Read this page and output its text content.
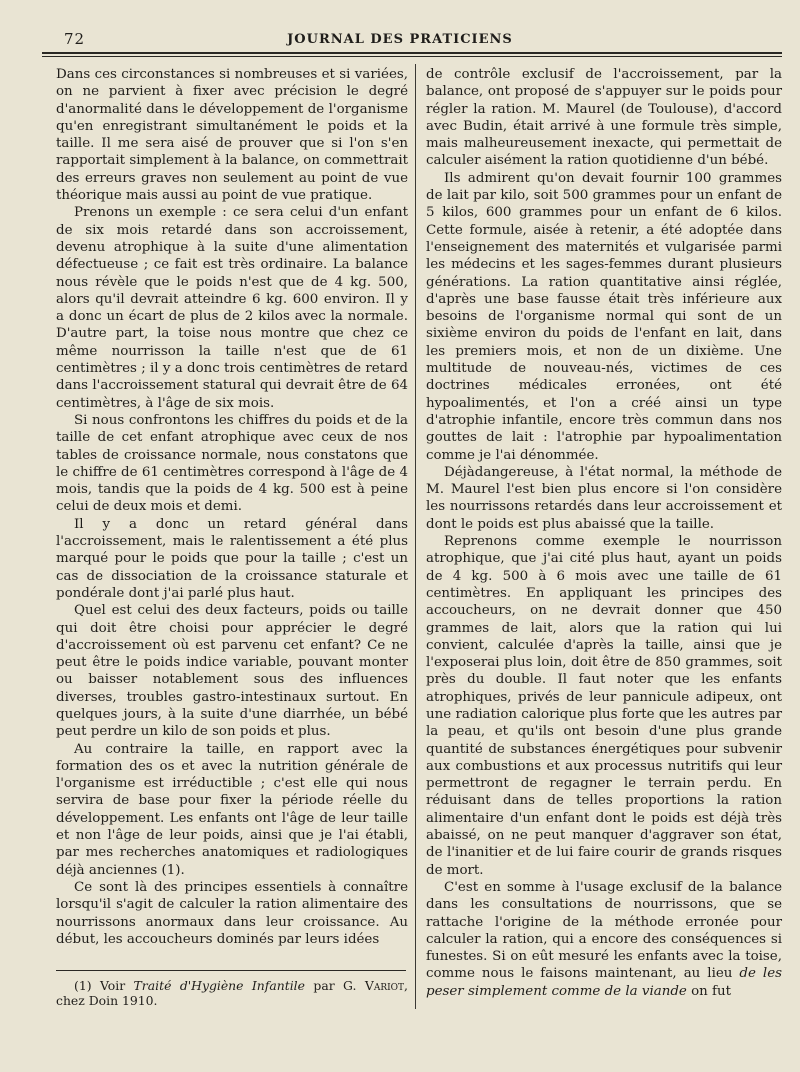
72	JOURNAL DES PRATICIENS

Dans ces circonstances si nombreuses et si variées, on ne parvient à fixer avec précision le degré d'anormalité dans le développement de l'organisme qu'en enregistrant simultanément le poids et la taille. Il me sera aisé de prouver que si l'on s'en rapportait simplement à la balance, on commettrait des erreurs graves non seulement au point de vue théorique mais aussi au point de vue pratique.

Prenons un exemple : ce sera celui d'un enfant de six mois retardé dans son accroissement, devenu atrophique à la suite d'une alimentation défectueuse ; ce fait est très ordinaire. La balance nous révèle que le poids n'est que de 4 kg. 500, alors qu'il devrait atteindre 6 kg. 600 environ. Il y a donc un écart de plus de 2 kilos avec la normale. D'autre part, la toise nous montre que chez ce même nourrisson la taille n'est que de 61 centimètres ; il y a donc trois centimètres de retard dans l'accroissement statural qui devrait être de 64 centimètres, à l'âge de six mois.

Si nous confrontons les chiffres du poids et de la taille de cet enfant atrophique avec ceux de nos tables de croissance normale, nous constatons que le chiffre de 61 centimètres correspond à l'âge de 4 mois, tandis que la poids de 4 kg. 500 est à peine celui de deux mois et demi.

Il y a donc un retard général dans l'accroissement, mais le ralentissement a été plus marqué pour le poids que pour la taille ; c'est un cas de dissociation de la croissance staturale et pondérale dont j'ai parlé plus haut.

Quel est celui des deux facteurs, poids ou taille qui doit être choisi pour apprécier le degré d'accroissement où est parvenu cet enfant? Ce ne peut être le poids indice variable, pouvant monter ou baisser notablement sous des influences diverses, troubles gastro-intestinaux surtout. En quelques jours, à la suite d'une diarrhée, un bébé peut perdre un kilo de son poids et plus.

Au contraire la taille, en rapport avec la formation des os et avec la nutrition générale de l'organisme est irréductible ; c'est elle qui nous servira de base pour fixer la période réelle du développement. Les enfants ont l'âge de leur taille et non l'âge de leur poids, ainsi que je l'ai établi, par mes recherches anatomiques et radiologiques déjà anciennes (1).

Ce sont là des principes essentiels à connaître lorsqu'il s'agit de calculer la ration alimentaire des nourrissons anormaux dans leur croissance. Au début, les accoucheurs dominés par leurs idées

(1) Voir Traité d'Hygiène Infantile par G. Variot, chez Doin 1910.

de contrôle exclusif de l'accroissement, par la balance, ont proposé de s'appuyer sur le poids pour régler la ration. M. Maurel (de Toulouse), d'accord avec Budin, était arrivé à une formule très simple, mais malheureusement inexacte, qui permettait de calculer aisément la ration quotidienne d'un bébé.

Ils admirent qu'on devait fournir 100 grammes de lait par kilo, soit 500 grammes pour un enfant de 5 kilos, 600 grammes pour un enfant de 6 kilos. Cette formule, aisée à retenir, a été adoptée dans l'enseignement des maternités et vulgarisée parmi les médecins et les sages-femmes durant plusieurs générations. La ration quantitative ainsi réglée, d'après une base fausse était très inférieure aux besoins de l'organisme normal qui sont de un sixième environ du poids de l'enfant en lait, dans les premiers mois, et non de un dixième. Une multitude de nouveau-nés, victimes de ces doctrines médicales erronées, ont été hypoalimentés, et l'on a créé ainsi un type d'atrophie infantile, encore très commun dans nos gouttes de lait : l'atrophie par hypoalimentation comme je l'ai dénommée.

Déjàdangereuse, à l'état normal, la méthode de M. Maurel l'est bien plus encore si l'on considère les nourrissons retardés dans leur accroissement et dont le poids est plus abaissé que la taille.

Reprenons comme exemple le nourrisson atrophique, que j'ai cité plus haut, ayant un poids de 4 kg. 500 à 6 mois avec une taille de 61 centimètres. En appliquant les principes des accoucheurs, on ne devrait donner que 450 grammes de lait, alors que la ration qui lui convient, calculée d'après la taille, ainsi que je l'exposerai plus loin, doit être de 850 grammes, soit près du double. Il faut noter que les enfants atrophiques, privés de leur pannicule adipeux, ont une radiation calorique plus forte que les autres par la peau, et qu'ils ont besoin d'une plus grande quantité de substances énergétiques pour subvenir aux combustions et aux processus nutritifs qui leur permettront de regagner le terrain perdu. En réduisant dans de telles proportions la ration alimentaire d'un enfant dont le poids est déjà très abaissé, on ne peut manquer d'aggraver son état, de l'inanitier et de lui faire courir de grands risques de mort.

C'est en somme à l'usage exclusif de la balance dans les consultations de nourrissons, que se rattache l'origine de la méthode erronée pour calculer la ration, qui a encore des conséquences si funestes. Si on eût mesuré les enfants avec la toise, comme nous le faisons maintenant, au lieu de les peser simplement comme de la viande on fut
